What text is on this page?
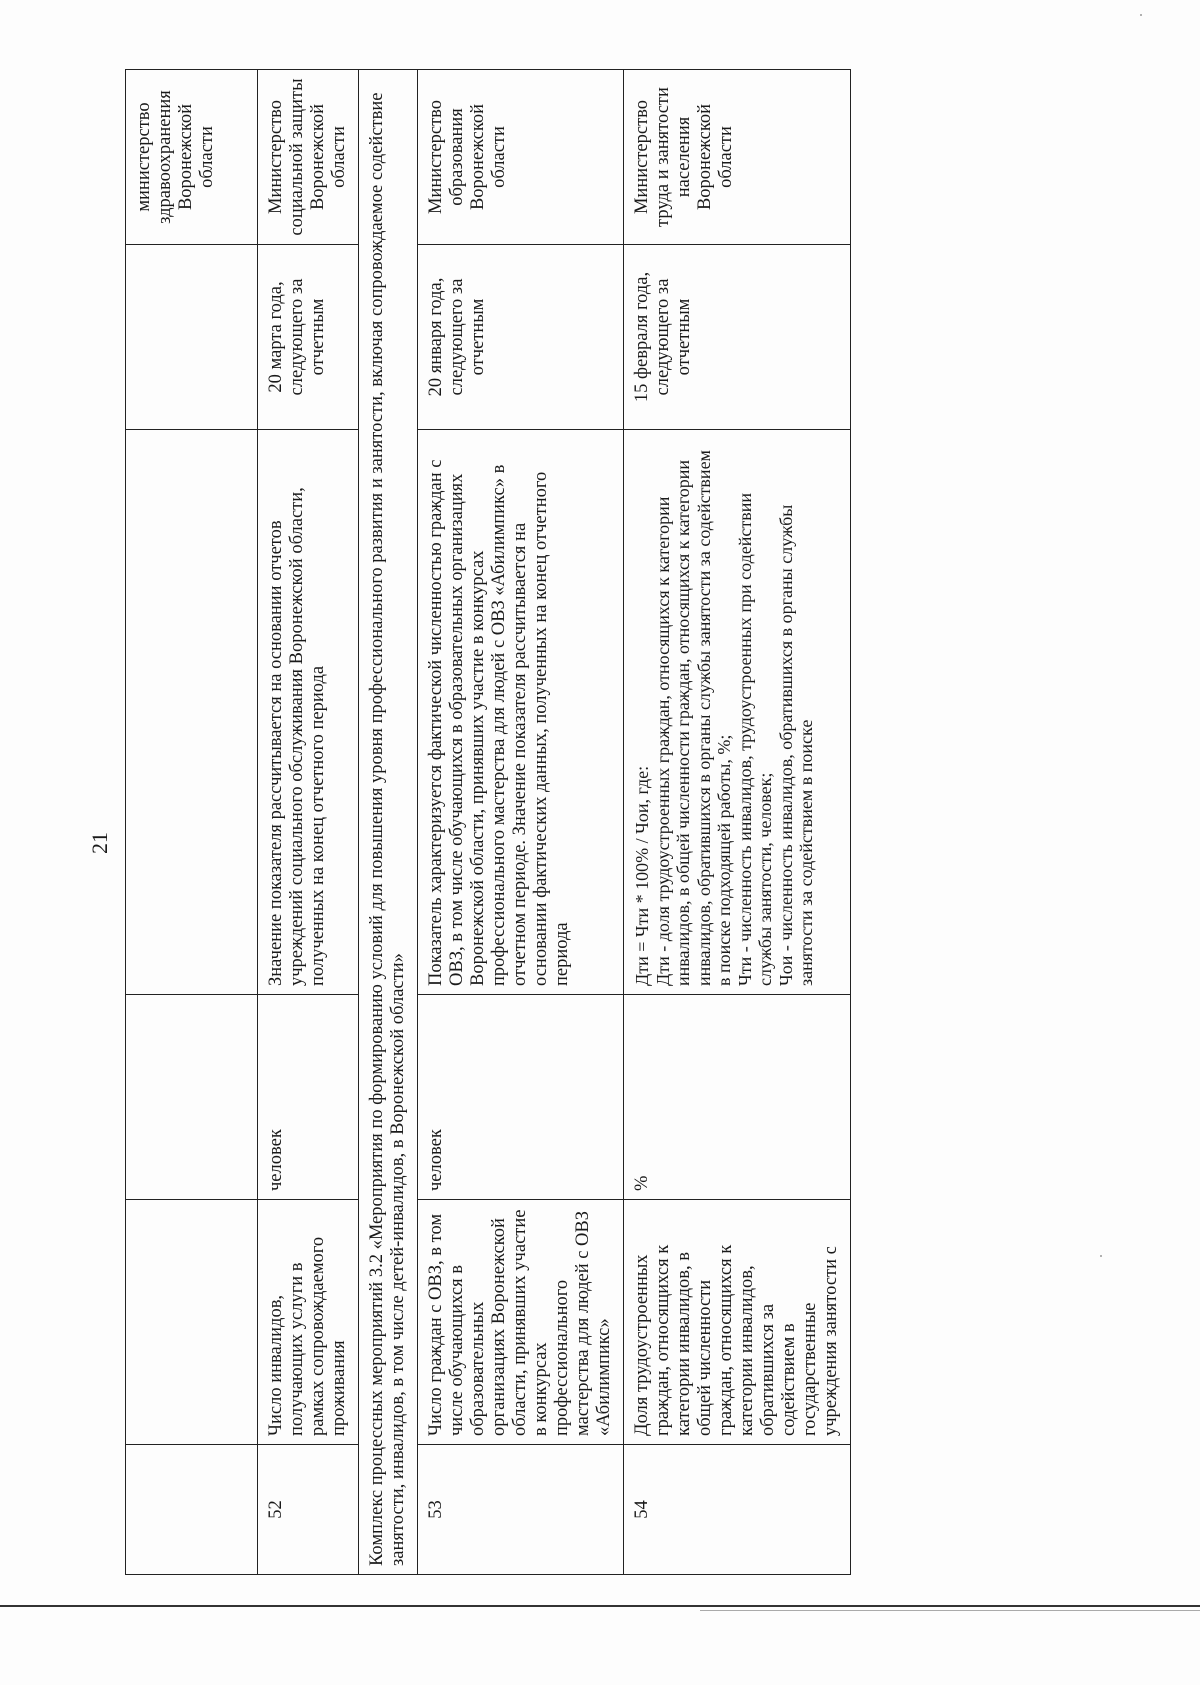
21
					министерство здравоохранения Воронежской области
52	Число инвалидов, получающих услуги в рамках сопровождаемого проживания	человек	Значение показателя рассчитывается на основании отчетов учреждений социального обслуживания Воронежской области, полученных на конец отчетного периода	20 марта года, следующего за отчетным	Министерство социальной защиты Воронежской области
Комплекс процессных мероприятий 3.2 «Мероприятия по формированию условий для повышения уровня профессионального развития и занятости, включая сопровождаемое содействие занятости, инвалидов, в том числе детей-инвалидов, в Воронежской области»					
53	Число граждан с ОВЗ, в том числе обучающихся в образовательных организациях Воронежской области, принявших участие в конкурсах профессионального мастерства для людей с ОВЗ «Абилимпикс»	человек	Показатель характеризуется фактической численностью граждан с ОВЗ, в том числе обучающихся в образовательных организациях Воронежской области, принявших участие в конкурсах профессионального мастерства для людей с ОВЗ «Абилимпикс» в отчетном периоде. Значение показателя рассчитывается на основании фактических данных, полученных на конец отчетного периода	20 января года, следующего за отчетным	Министерство образования Воронежской области
54	Доля трудоустроенных граждан, относящихся к категории инвалидов, в общей численности граждан, относящихся к категории инвалидов, обратившихся за содействием в государственные учреждения занятости с	%	Дти = Чти * 100% / Чои, где: Дти - доля трудоустроенных граждан, относящихся к категории инвалидов, в общей численности граждан, относящихся к категории инвалидов, обратившихся в органы службы занятости за содействием в поиске подходящей работы, %; Чти - численность инвалидов, трудоустроенных при содействии службы занятости, человек; Чои - численность инвалидов, обратившихся в органы службы занятости за содействием в поиске	15 февраля года, следующего за отчетным	Министерство труда и занятости населения Воронежской области
